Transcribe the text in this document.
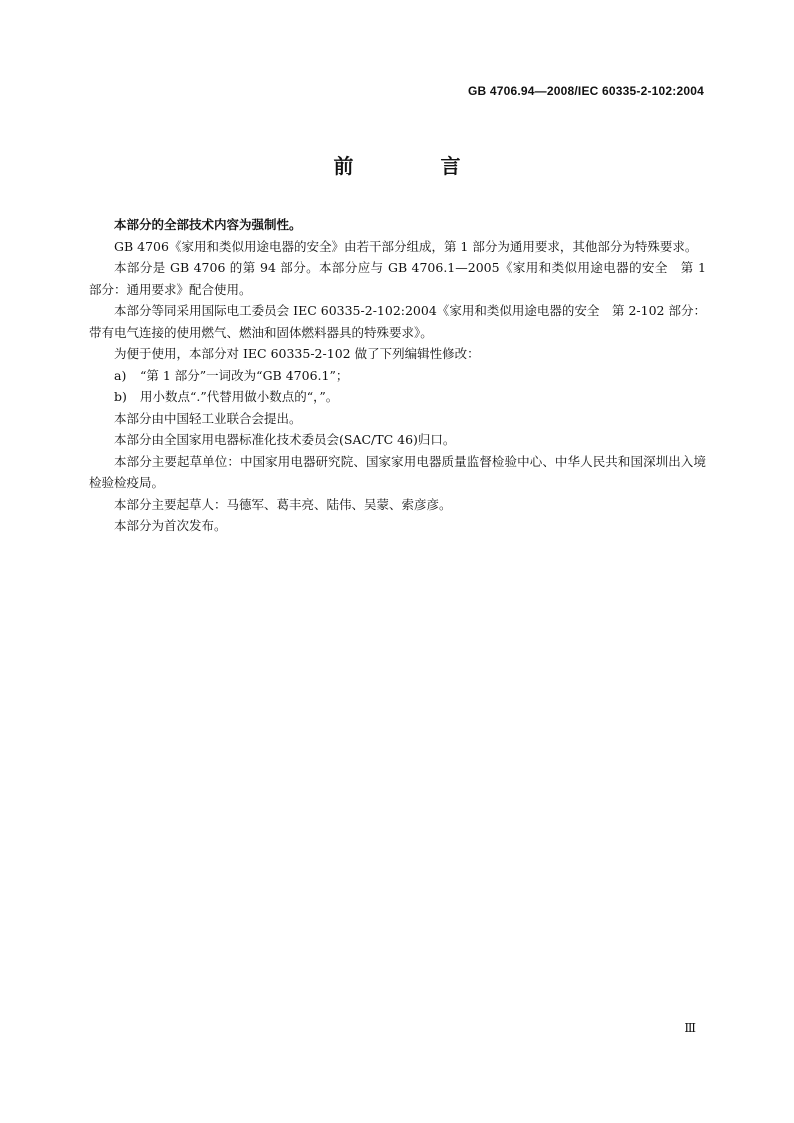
GB 4706.94—2008/IEC 60335-2-102:2004
前 言

本部分的全部技术内容为强制性。

GB 4706《家用和类似用途电器的安全》由若干部分组成，第 1 部分为通用要求，其他部分为特殊要求。

本部分是 GB 4706 的第 94 部分。本部分应与 GB 4706.1—2005《家用和类似用途电器的安全　第 1 部分：通用要求》配合使用。

本部分等同采用国际电工委员会 IEC 60335-2-102:2004《家用和类似用途电器的安全　第 2-102 部分：带有电气连接的使用燃气、燃油和固体燃料器具的特殊要求》。

为便于使用，本部分对 IEC 60335-2-102 做了下列编辑性修改：

a) “第 1 部分”一词改为“GB 4706.1”；

b) 用小数点“.”代替用做小数点的“，”。

本部分由中国轻工业联合会提出。

本部分由全国家用电器标准化技术委员会(SAC/TC 46)归口。

本部分主要起草单位：中国家用电器研究院、国家家用电器质量监督检验中心、中华人民共和国深圳出入境检验检疫局。

本部分主要起草人：马德军、葛丰亮、陆伟、吴蒙、索彦彦。

本部分为首次发布。

Ⅲ
